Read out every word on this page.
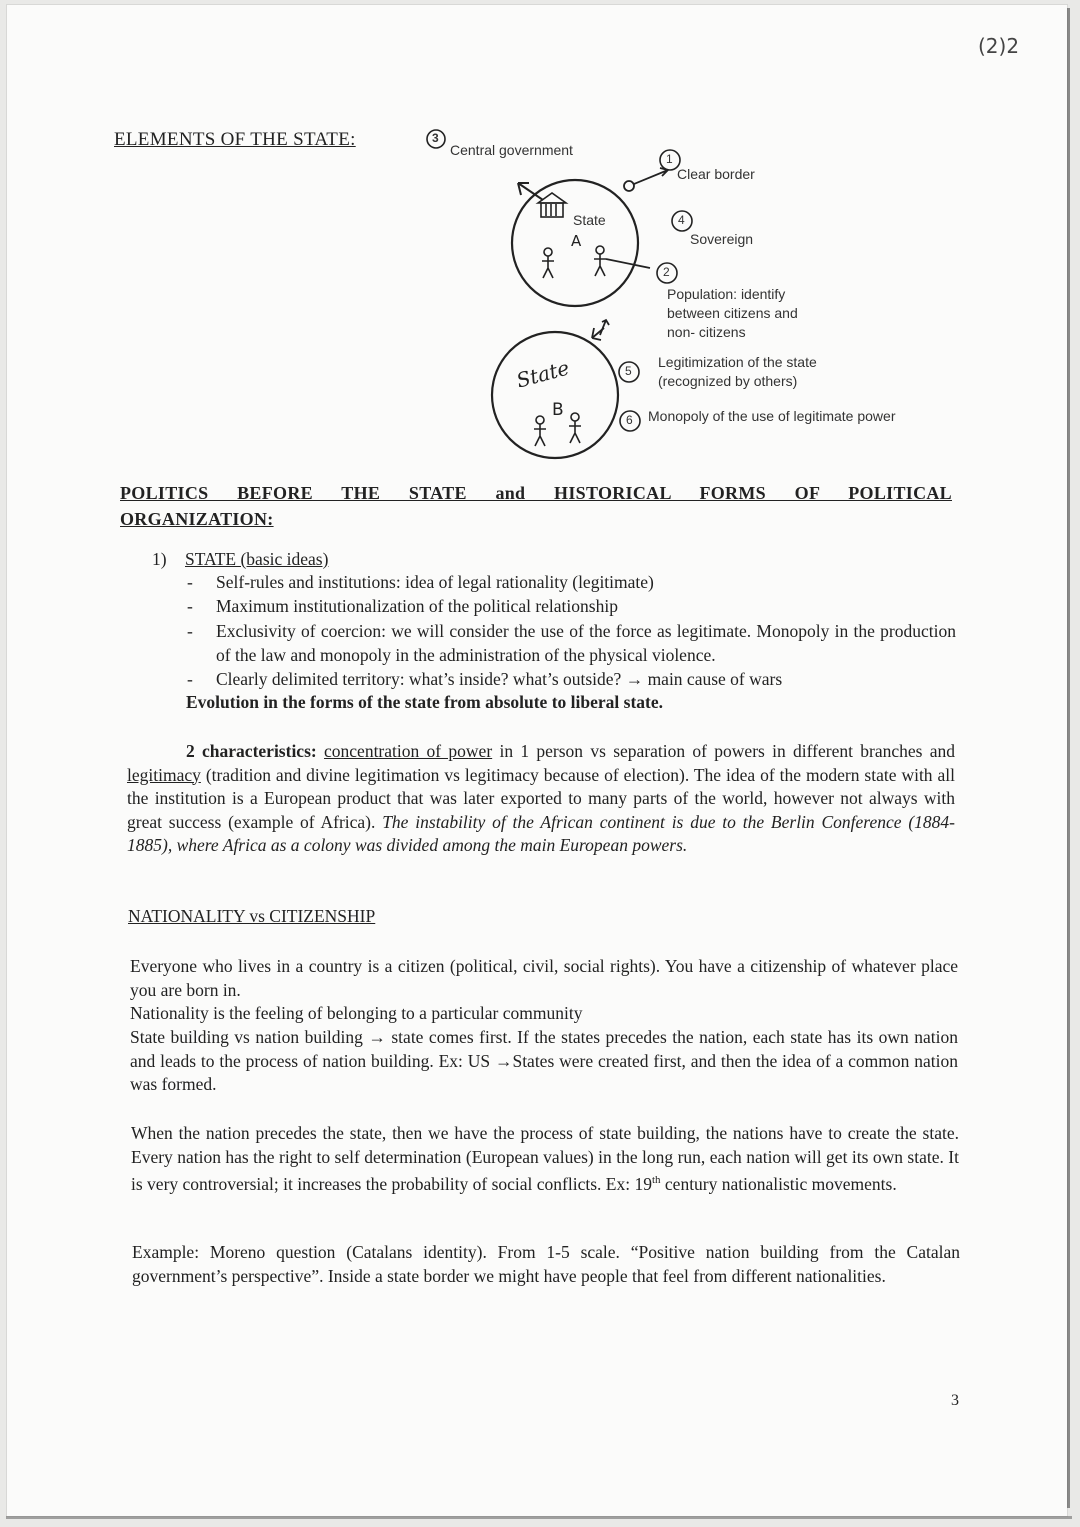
(2)2
ELEMENTS OF THE STATE:	3
1
4
2
5
6
Central government
Clear border
State
A	Sovereign
Population: identify
between citizens and
non- citizens
State
B
Legitimization of the state
(recognized by others)
Monopoly of the use of legitimate power
POLITICS BEFORE THE STATE and HISTORICAL FORMS OF POLITICAL
ORGANIZATION:
1) STATE (basic ideas)
- Self-rules and institutions: idea of legal rationality (legitimate)
- Maximum institutionalization of the political relationship
- Exclusivity of coercion: we will consider the use of the force as legitimate. Monopoly in the production of the law and monopoly in the administration of the physical violence.
- Clearly delimited territory: what’s inside? what’s outside? → main cause of wars
Evolution in the forms of the state from absolute to liberal state.
2 characteristics: concentration of power in 1 person vs separation of powers in different branches and legitimacy (tradition and divine legitimation vs legitimacy because of election). The idea of the modern state with all the institution is a European product that was later exported to many parts of the world, however not always with great success (example of Africa). The instability of the African continent is due to the Berlin Conference (1884-1885), where Africa as a colony was divided among the main European powers.
NATIONALITY vs CITIZENSHIP
Everyone who lives in a country is a citizen (political, civil, social rights). You have a citizenship of whatever place you are born in.
Nationality is the feeling of belonging to a particular community
State building vs nation building → state comes first. If the states precedes the nation, each state has its own nation and leads to the process of nation building. Ex: US →States were created first, and then the idea of a common nation was formed.
When the nation precedes the state, then we have the process of state building, the nations have to create the state. Every nation has the right to self determination (European values) in the long run, each nation will get its own state. It is very controversial; it increases the probability of social conflicts. Ex: 19th century nationalistic movements.
Example: Moreno question (Catalans identity). From 1-5 scale. “Positive nation building from the Catalan government’s perspective”. Inside a state border we might have people that feel from different nationalities.
3
